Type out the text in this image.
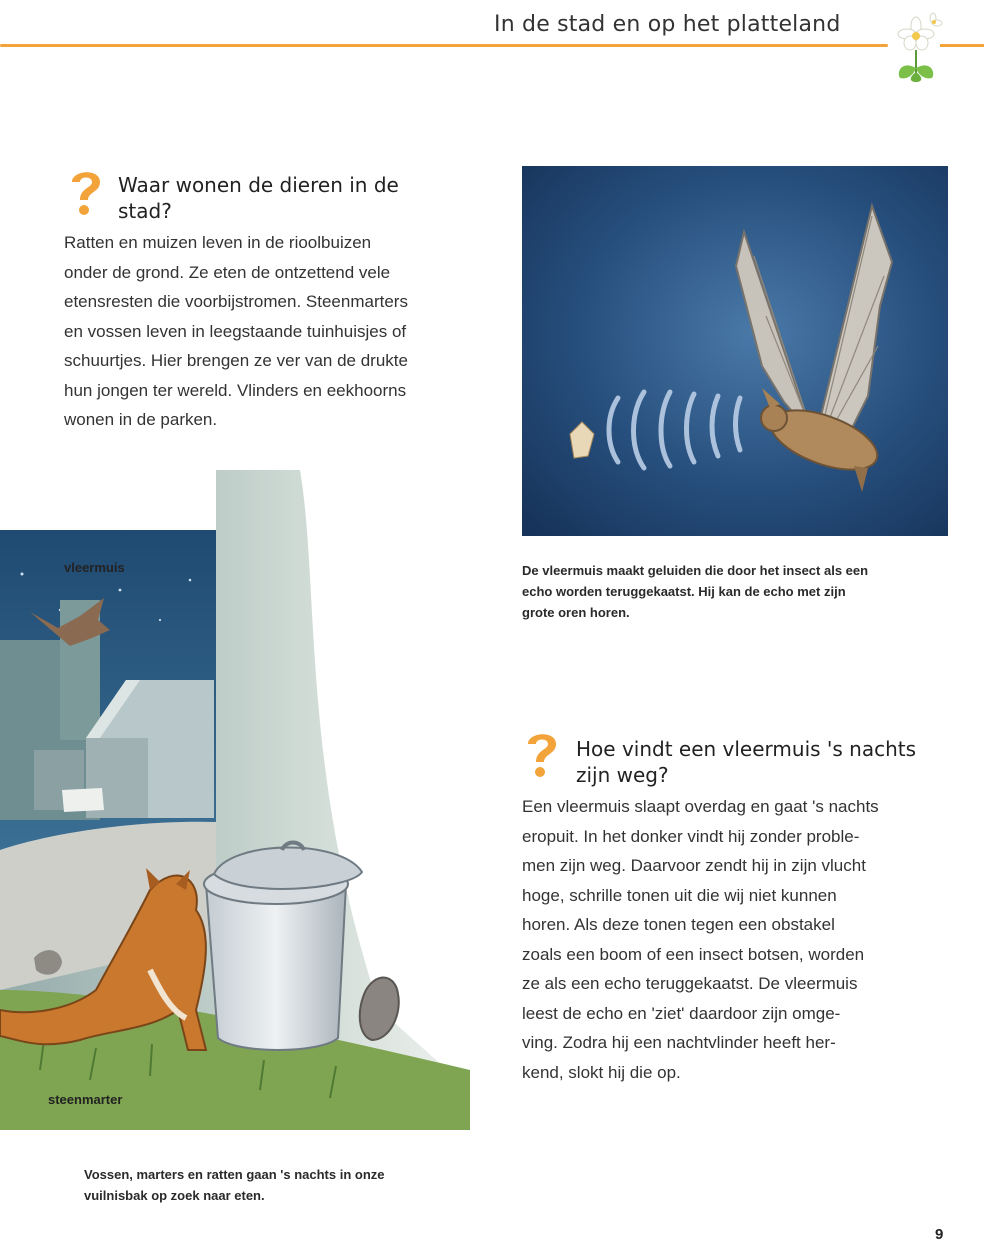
In de stad en op het platteland
Waar wonen de dieren in de
stad?
Ratten en muizen leven in de rioolbuizen
onder de grond. Ze eten de ontzettend vele
etensresten die voorbijstromen. Steenmarters
en vossen leven in leegstaande tuinhuisjes of
schuurtjes. Hier brengen ze ver van de drukte
hun jongen ter wereld. Vlinders en eekhoorns
wonen in de parken.
De vleermuis maakt geluiden die door het insect als een
echo worden teruggekaatst. Hij kan de echo met zijn
grote oren horen.
vleermuis
steenmarter
Vossen, marters en ratten gaan 's nachts in onze
vuilnisbak op zoek naar eten.
Hoe vindt een vleermuis 's nachts
zijn weg?
Een vleermuis slaapt overdag en gaat 's nachts
eropuit. In het donker vindt hij zonder proble-
men zijn weg. Daarvoor zendt hij in zijn vlucht
hoge, schrille tonen uit die wij niet kunnen
horen. Als deze tonen tegen een obstakel
zoals een boom of een insect botsen, worden
ze als een echo teruggekaatst. De vleermuis
leest de echo en 'ziet' daardoor zijn omge-
ving. Zodra hij een nachtvlinder heeft her-
kend, slokt hij die op.
9
